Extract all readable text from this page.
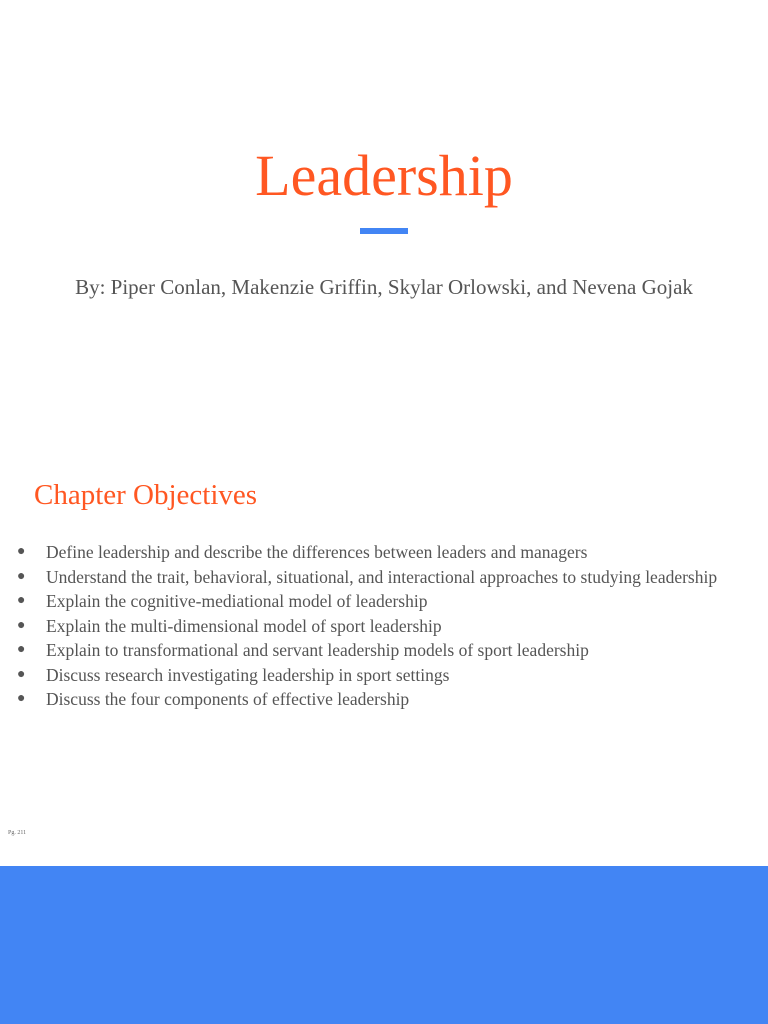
Leadership

By: Piper Conlan, Makenzie Griffin, Skylar Orlowski, and Nevena Gojak

Chapter Objectives
● Define leadership and describe the differences between leaders and managers
● Understand the trait, behavioral, situational, and interactional approaches to studying leadership
● Explain the cognitive-mediational model of leadership
● Explain the multi-dimensional model of sport leadership
● Explain to transformational and servant leadership models of sport leadership
● Discuss research investigating leadership in sport settings
● Discuss the four components of effective leadership
Pg. 211
